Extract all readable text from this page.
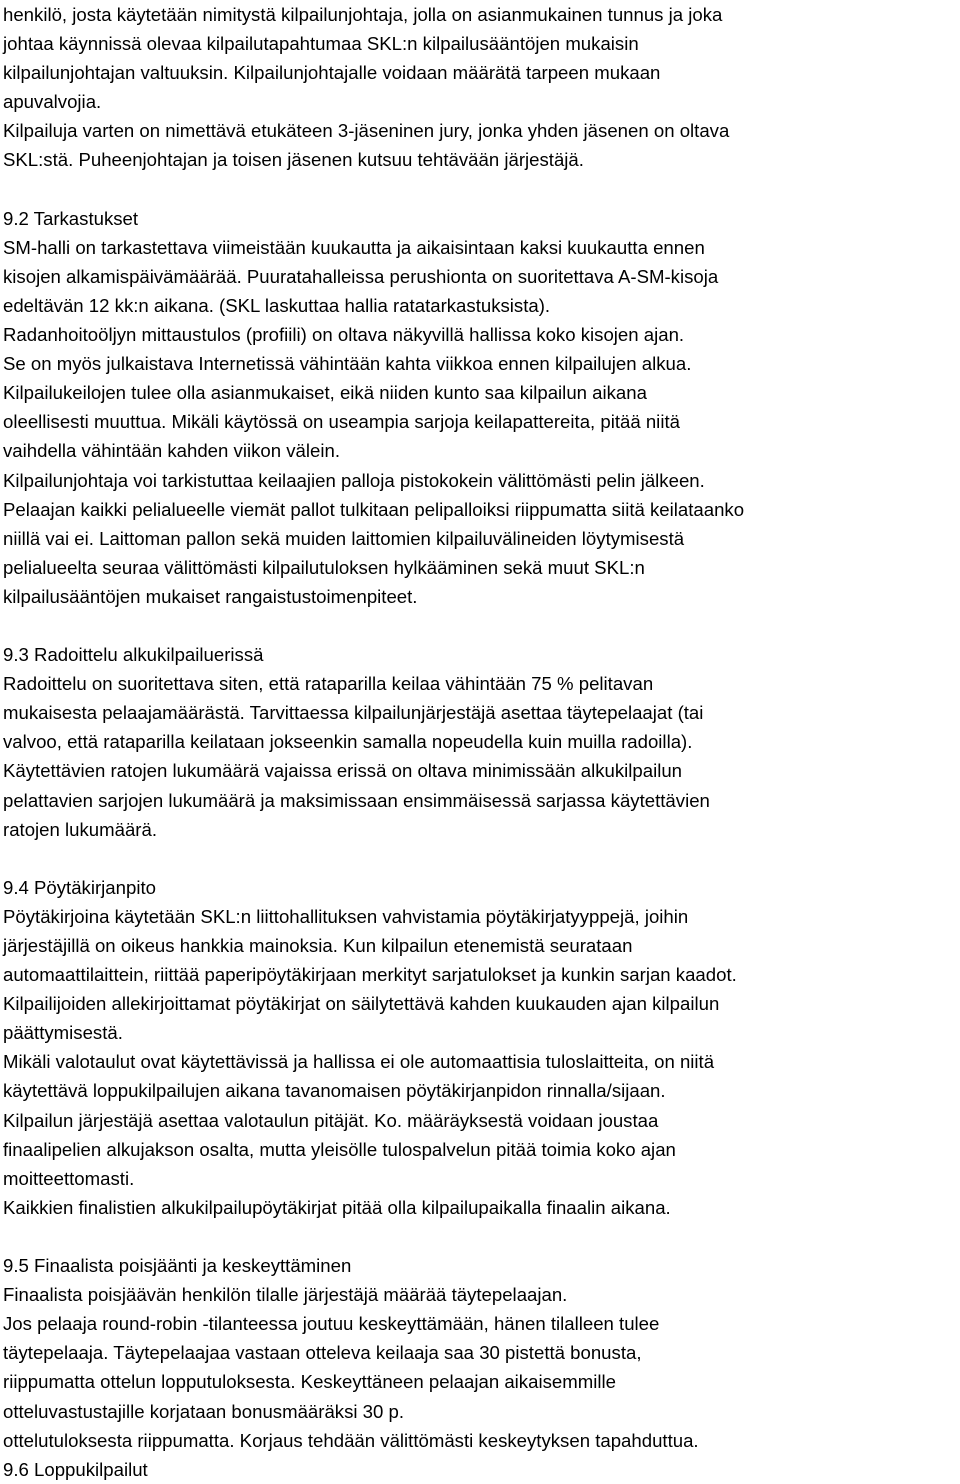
henkilö, josta käytetään nimitystä kilpailunjohtaja, jolla on asianmukainen tunnus ja joka
johtaa käynnissä olevaa kilpailutapahtumaa SKL:n kilpailusääntöjen mukaisin
kilpailunjohtajan valtuuksin. Kilpailunjohtajalle voidaan määrätä tarpeen mukaan
apuvalvojia.
Kilpailuja varten on nimettävä etukäteen 3-jäseninen jury, jonka yhden jäsenen on oltava
SKL:stä. Puheenjohtajan ja toisen jäsenen kutsuu tehtävään järjestäjä.
9.2 Tarkastukset
SM-halli on tarkastettava viimeistään kuukautta ja aikaisintaan kaksi kuukautta ennen
kisojen alkamispäivämäärää. Puuratahalleissa perushionta on suoritettava A-SM-kisoja
edeltävän 12 kk:n aikana. (SKL laskuttaa hallia ratatarkastuksista).
Radanhoitoöljyn mittaustulos (profiili) on oltava näkyvillä hallissa koko kisojen ajan.
Se on myös julkaistava Internetissä vähintään kahta viikkoa ennen kilpailujen alkua.
Kilpailukeilojen tulee olla asianmukaiset, eikä niiden kunto saa kilpailun aikana
oleellisesti muuttua. Mikäli käytössä on useampia sarjoja keilapattereita, pitää niitä
vaihdella vähintään kahden viikon välein.
Kilpailunjohtaja voi tarkistuttaa keilaajien palloja pistokokein välittömästi pelin jälkeen.
Pelaajan kaikki pelialueelle viemät pallot tulkitaan pelipalloiksi riippumatta siitä keilataanko
niillä vai ei. Laittoman pallon sekä muiden laittomien kilpailuvälineiden löytymisestä
pelialueelta seuraa välittömästi kilpailutuloksen hylkääminen sekä muut SKL:n
kilpailusääntöjen mukaiset rangaistustoimenpiteet.
9.3 Radoittelu alkukilpailuerissä
Radoittelu on suoritettava siten, että rataparilla keilaa vähintään 75 % pelitavan
mukaisesta pelaajamäärästä. Tarvittaessa kilpailunjärjestäjä asettaa täytepelaajat (tai
valvoo, että rataparilla keilataan jokseenkin samalla nopeudella kuin muilla radoilla).
Käytettävien ratojen lukumäärä vajaissa erissä on oltava minimissään alkukilpailun
pelattavien sarjojen lukumäärä ja maksimissaan ensimmäisessä sarjassa käytettävien
ratojen lukumäärä.
9.4 Pöytäkirjanpito
Pöytäkirjoina käytetään SKL:n liittohallituksen vahvistamia pöytäkirjatyyppejä, joihin
järjestäjillä on oikeus hankkia mainoksia. Kun kilpailun etenemistä seurataan
automaattilaittein, riittää paperipöytäkirjaan merkityt sarjatulokset ja kunkin sarjan kaadot.
Kilpailijoiden allekirjoittamat pöytäkirjat on säilytettävä kahden kuukauden ajan kilpailun
päättymisestä.
Mikäli valotaulut ovat käytettävissä ja hallissa ei ole automaattisia tuloslaitteita, on niitä
käytettävä loppukilpailujen aikana tavanomaisen pöytäkirjanpidon rinnalla/sijaan.
Kilpailun järjestäjä asettaa valotaulun pitäjät. Ko. määräyksestä voidaan joustaa
finaalipelien alkujakson osalta, mutta yleisölle tulospalvelun pitää toimia koko ajan
moitteettomasti.
Kaikkien finalistien alkukilpailupöytäkirjat pitää olla kilpailupaikalla finaalin aikana.
9.5 Finaalista poisjäänti ja keskeyttäminen
Finaalista poisjäävän henkilön tilalle järjestäjä määrää täytepelaajan.
Jos pelaaja round-robin -tilanteessa joutuu keskeyttämään, hänen tilalleen tulee
täytepelaaja. Täytepelaajaa vastaan otteleva keilaaja saa 30 pistettä bonusta,
riippumatta ottelun lopputuloksesta. Keskeyttäneen pelaajan aikaisemmille
otteluvastustajille korjataan bonusmääräksi 30 p.
ottelutuloksesta riippumatta. Korjaus tehdään välittömästi keskeytyksen tapahduttua.
9.6 Loppukilpailut
